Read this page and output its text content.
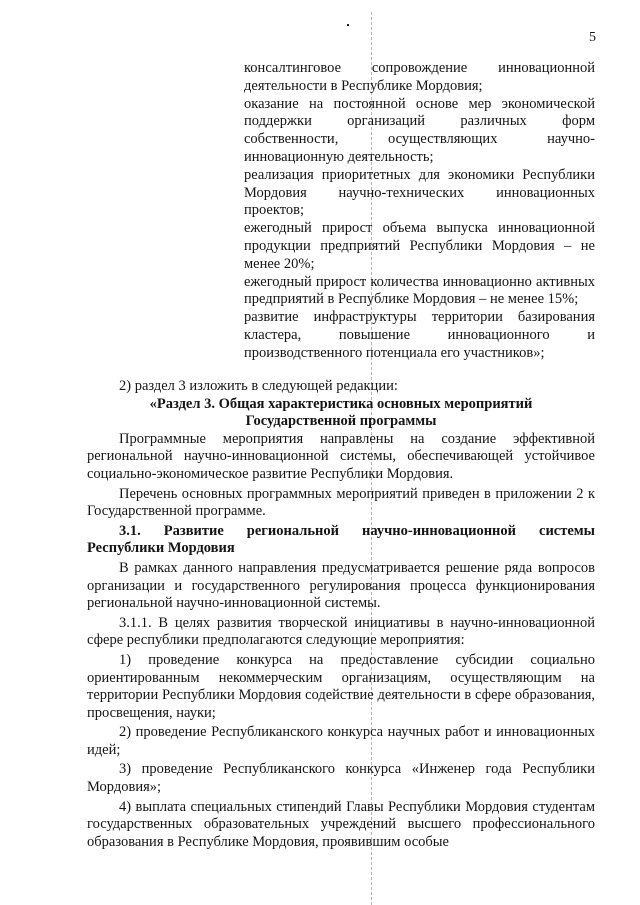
5

консалтинговое сопровождение инновационной деятельности в Республике Мордовия;

оказание на постоянной основе мер экономической поддержки организаций различных форм собственности, осуществляющих научно-инновационную деятельность;

реализация приоритетных для экономики Республики Мордовия научно-технических инновационных проектов;

ежегодный прирост объема выпуска инновационной продукции предприятий Республики Мордовия – не менее 20%;

ежегодный прирост количества инновационно активных предприятий в Республике Мордовия – не менее 15%;

развитие инфраструктуры территории базирования кластера, повышение инновационного и производственного потенциала его участников»;

2) раздел 3 изложить в следующей редакции:

«Раздел 3. Общая характеристика основных мероприятий

Государственной программы

Программные мероприятия направлены на создание эффективной региональной научно-инновационной системы, обеспечивающей устойчивое социально-экономическое развитие Республики Мордовия.

Перечень основных программных мероприятий приведен в приложении 2 к Государственной программе.

3.1. Развитие региональной научно-инновационной системы Республики Мордовия

В рамках данного направления предусматривается решение ряда вопросов организации и государственного регулирования процесса функционирования региональной научно-инновационной системы.

3.1.1. В целях развития творческой инициативы в научно-инновационной сфере республики предполагаются следующие мероприятия:

1) проведение конкурса на предоставление субсидии социально ориентированным некоммерческим организациям, осуществляющим на территории Республики Мордовия содействие деятельности в сфере образования, просвещения, науки;

2) проведение Республиканского конкурса научных работ и инновационных идей;

3) проведение Республиканского конкурса «Инженер года Республики Мордовия»;

4) выплата специальных стипендий Главы Республики Мордовия студентам государственных образовательных учреждений высшего профессионального образования в Республике Мордовия, проявившим особые
